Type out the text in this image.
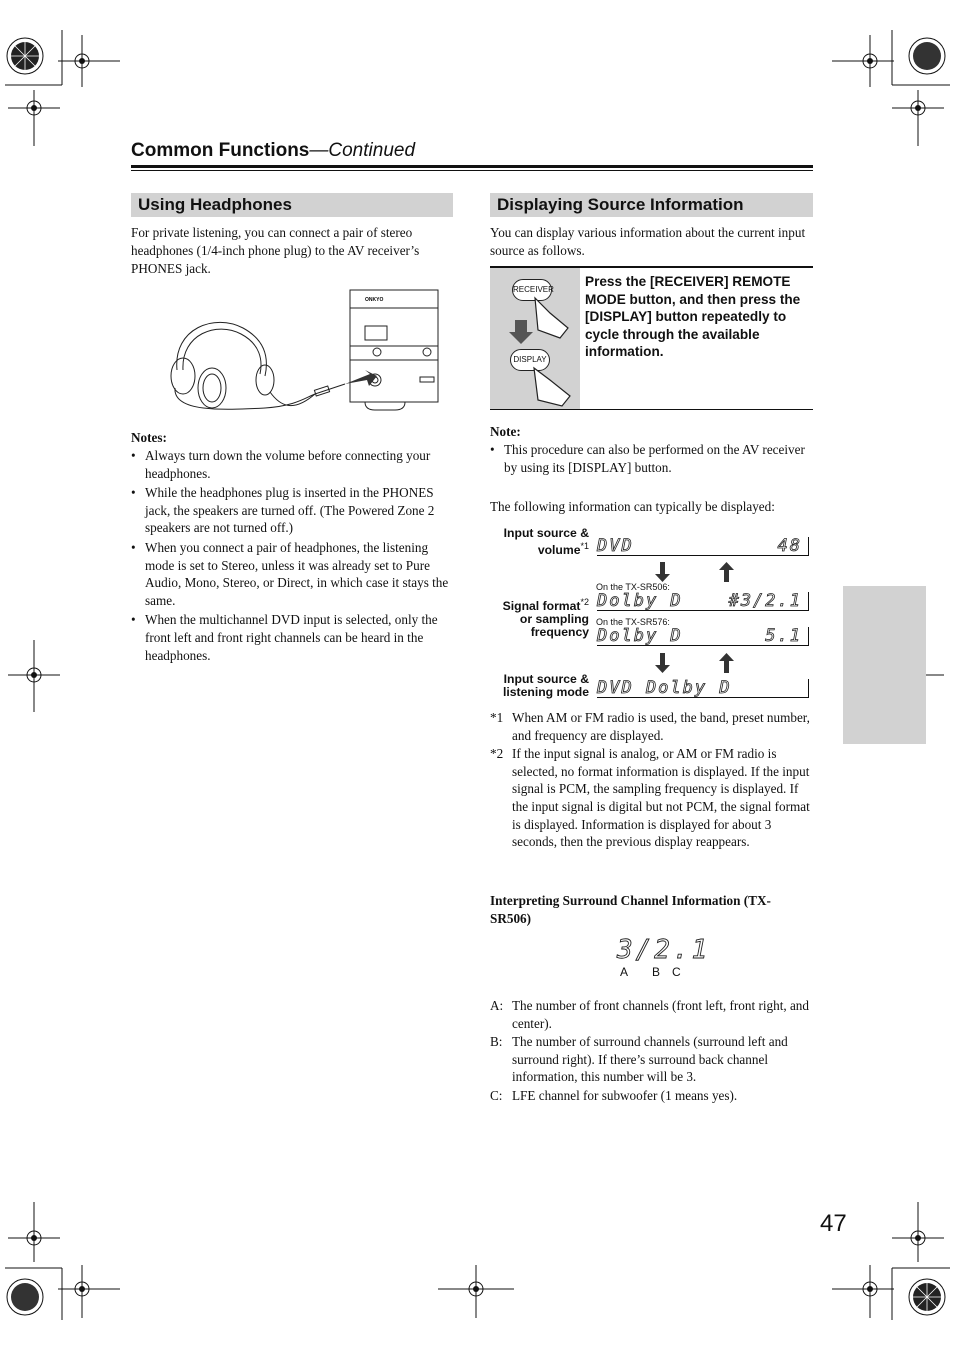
Common Functions—Continued
Using Headphones
For private listening, you can connect a pair of stereo headphones (1/4-inch phone plug) to the AV receiver’s PHONES jack.
ONKYO
Notes:
• Always turn down the volume before connecting your headphones.
• While the headphones plug is inserted in the PHONES jack, the speakers are turned off. (The Powered Zone 2 speakers are not turned off.)
• When you connect a pair of headphones, the listening mode is set to Stereo, unless it was already set to Pure Audio, Mono, Stereo, or Direct, in which case it stays the same.
• When the multichannel DVD input is selected, only the front left and front right channels can be heard in the headphones.
Displaying Source Information
You can display various information about the current input source as follows.
RECEIVER
DISPLAY
Press the [RECEIVER] REMOTE MODE button, and then press the [DISPLAY] button repeatedly to cycle through the available information.
Note:
• This procedure can also be performed on the AV receiver by using its [DISPLAY] button.
The following information can typically be displayed:
Input source &
volume$^{*1}$ DVD	48
Signal format$^{*2}$
or sampling
frequency
On the TX-SR506:
Dolby D	#3/2.1
On the TX-SR576:
Dolby D	5.1
Input source &
listening mode DVD Dolby D
*1 When AM or FM radio is used, the band, preset number, and frequency are displayed.
*2 If the input signal is analog, or AM or FM radio is selected, no format information is displayed. If the input signal is PCM, the sampling frequency is displayed. If the input signal is digital but not PCM, the signal format is displayed. Information is displayed for about 3 seconds, then the previous display reappears.
Interpreting Surround Channel Information (TX-SR506)
3/2.1
A B C
A: The number of front channels (front left, front right, and center).
B: The number of surround channels (surround left and surround right). If there’s surround back channel information, this number will be 3.
C: LFE channel for subwoofer (1 means yes).
47
